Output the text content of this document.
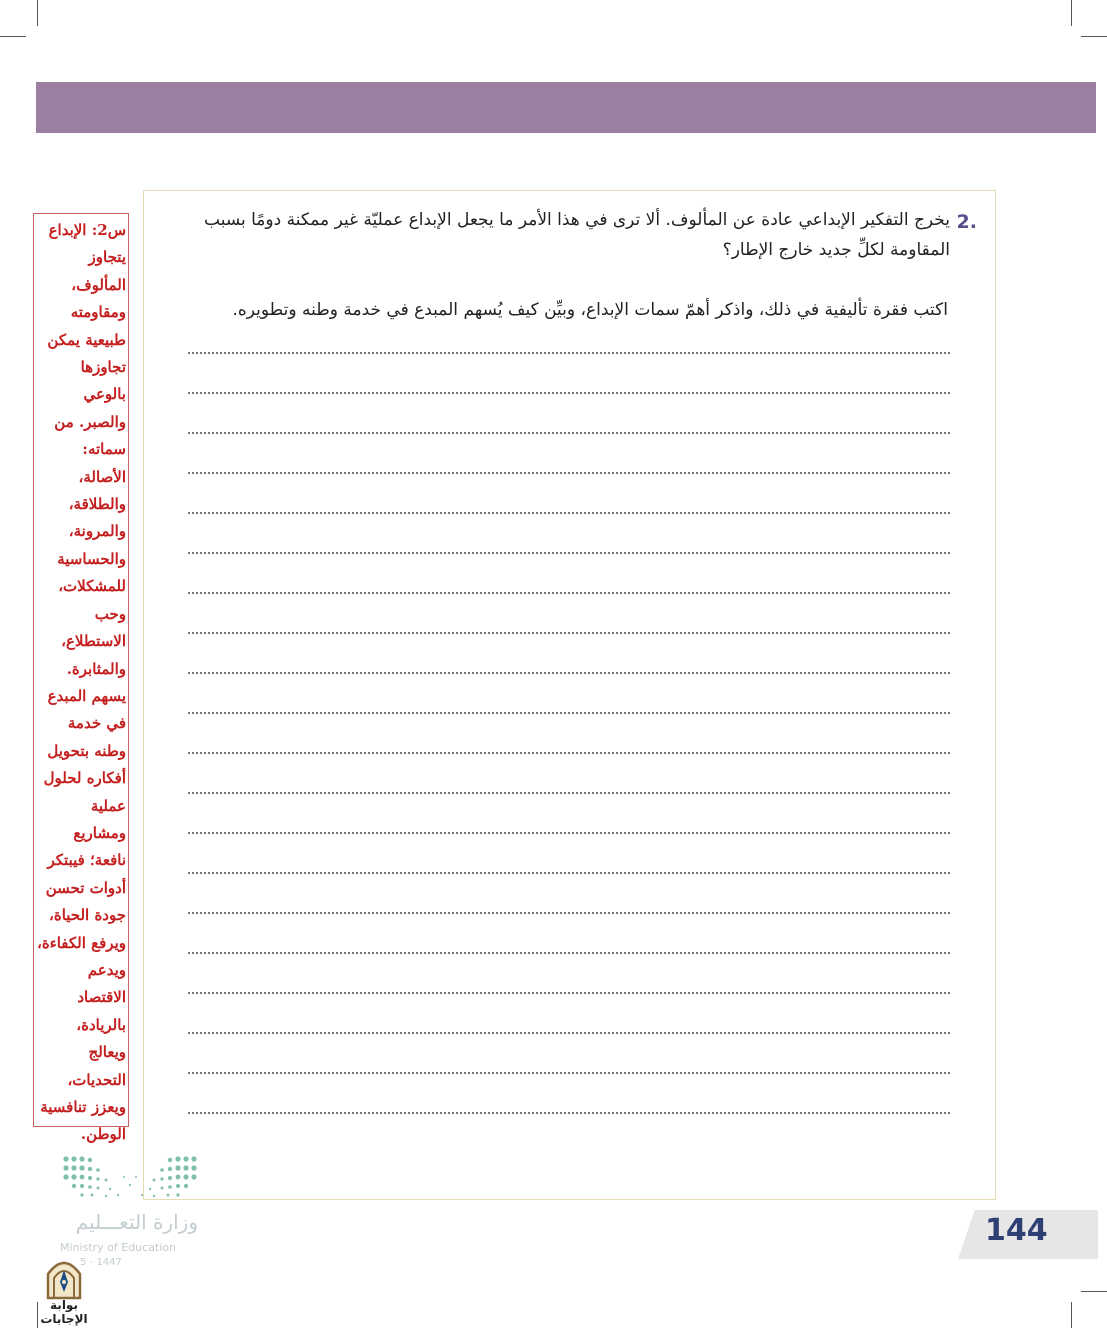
2.
يخرج التفكير الإبداعي عادة عن المألوف. ألا ترى في هذا الأمر ما يجعل الإبداع عمليّة غير ممكنة دومًا بسبب المقاومة لكلِّ جديد خارج الإطار؟
اكتب فقرة تأليفية في ذلك، واذكر أهمّ سمات الإبداع، وبيِّن كيف يُسهم المبدع في خدمة وطنه وتطويره.
س2: الإبداع يتجاوز المألوف، ومقاومته طبيعية يمكن تجاوزها بالوعي والصبر. من سماته: الأصالة، والطلاقة، والمرونة، والحساسية للمشكلات، وحب الاستطلاع، والمثابرة. يسهم المبدع في خدمة وطنه بتحويل أفكاره لحلول عملية ومشاريع نافعة؛ فيبتكر أدوات تحسن جودة الحياة، ويرفع الكفاءة، ويدعم الاقتصاد بالريادة، ويعالج التحديات، ويعزز تنافسية الوطن.
وزارة التعـــليم
Ministry of Education
5 - 1447
بوابة الإجابات
144
